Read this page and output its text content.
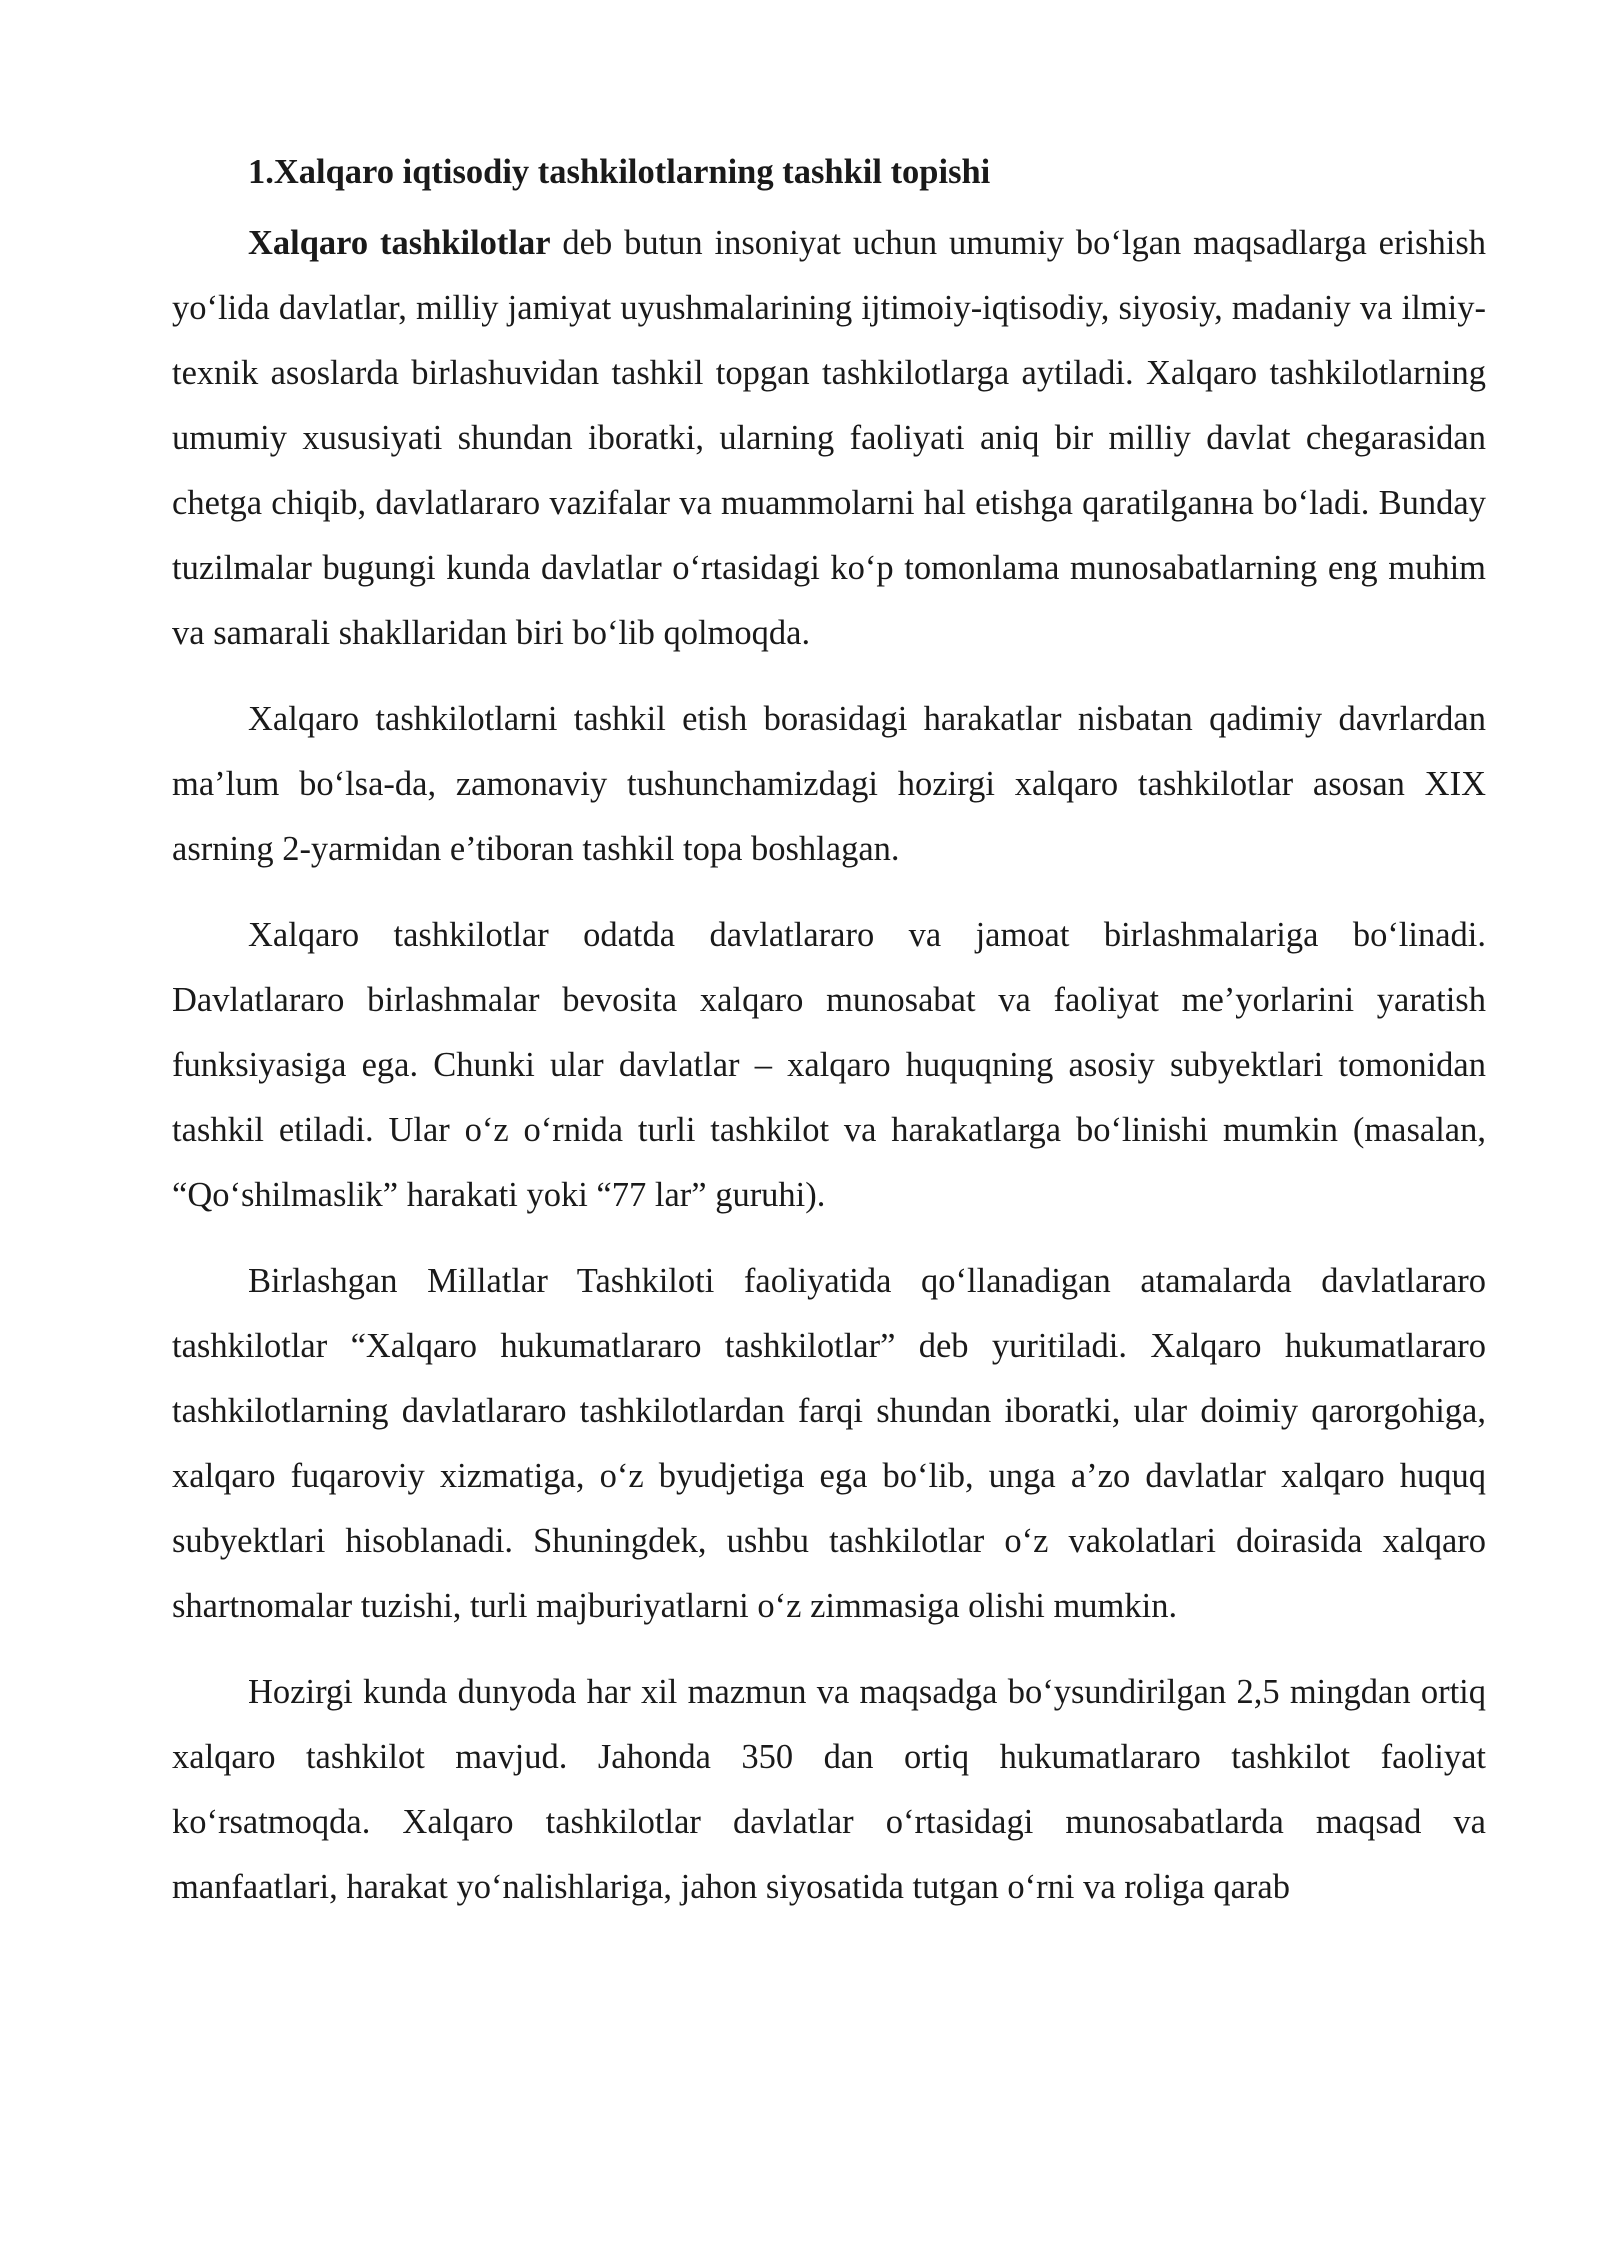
1.Xalqaro iqtisodiy tashkilotlarning tashkil topishi

Xalqaro tashkilotlar deb butun insoniyat uchun umumiy bo‘lgan maqsadlarga erishish yo‘lida davlatlar, milliy jamiyat uyushmalarining ijtimoiy-iqtisodiy, siyosiy, madaniy va ilmiy-texnik asoslarda birlashuvidan tashkil topgan tashkilotlarga aytiladi. Xalqaro tashkilotlarning umumiy xususiyati shundan iboratki, ularning faoliyati aniq bir milliy davlat chegarasidan chetga chiqib, davlatlararo vazifalar va muammolarni hal etishga qaratilganна bo‘ladi. Bunday tuzilmalar bugungi kunda davlatlar o‘rtasidagi ko‘p tomonlama munosabatlarning eng muhim va samarali shakllaridan biri bo‘lib qolmoqda.

Xalqaro tashkilotlarni tashkil etish borasidagi harakatlar nisbatan qadimiy davrlardan ma’lum bo‘lsa-da, zamonaviy tushunchamizdagi hozirgi xalqaro tashkilotlar asosan XIX asrning 2-yarmidan e’tiboran tashkil topa boshlagan.

Xalqaro tashkilotlar odatda davlatlararo va jamoat birlashmalariga bo‘linadi. Davlatlararo birlashmalar bevosita xalqaro munosabat va faoliyat me’yorlarini yaratish funksiyasiga ega. Chunki ular davlatlar – xalqaro huquqning asosiy subyektlari tomonidan tashkil etiladi. Ular o‘z o‘rnida turli tashkilot va harakatlarga bo‘linishi mumkin (masalan, “Qo‘shilmaslik” harakati yoki “77 lar” guruhi).

Birlashgan Millatlar Tashkiloti faoliyatida qo‘llanadigan atamalarda davlatlararo tashkilotlar “Xalqaro hukumatlararo tashkilotlar” deb yuritiladi. Xalqaro hukumatlararo tashkilotlarning davlatlararo tashkilotlardan farqi shundan iboratki, ular doimiy qarorgohiga, xalqaro fuqaroviy xizmatiga, o‘z byudjetiga ega bo‘lib, unga a’zo davlatlar xalqaro huquq subyektlari hisoblanadi. Shuningdek, ushbu tashkilotlar o‘z vakolatlari doirasida xalqaro shartnomalar tuzishi, turli majburiyatlarni o‘z zimmasiga olishi mumkin.

Hozirgi kunda dunyoda har xil mazmun va maqsadga bo‘ysundirilgan 2,5 mingdan ortiq xalqaro tashkilot mavjud. Jahonda 350 dan ortiq hukumatlararo tashkilot faoliyat ko‘rsatmoqda. Xalqaro tashkilotlar davlatlar o‘rtasidagi munosabatlarda maqsad va manfaatlari, harakat yo‘nalishlariga, jahon siyosatida tutgan o‘rni va roliga qarab
